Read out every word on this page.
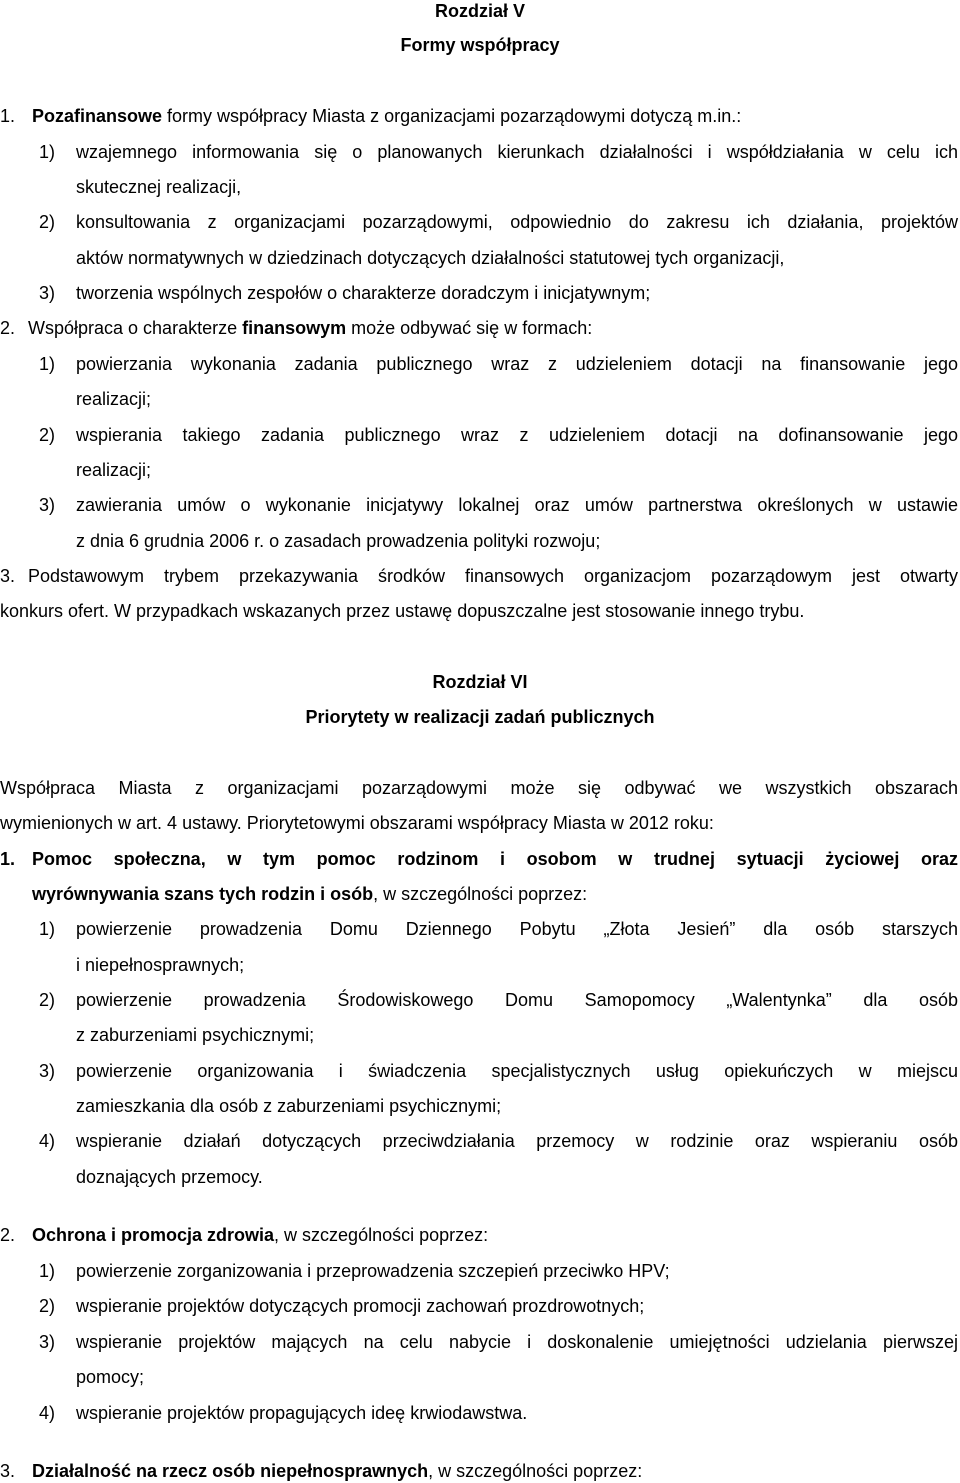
Rozdział V
Formy współpracy
1. Pozafinansowe formy współpracy Miasta z organizacjami pozarządowymi dotyczą m.in.:
1) wzajemnego informowania się o planowanych kierunkach działalności i współdziałania w celu ich
skutecznej realizacji,
2) konsultowania z organizacjami pozarządowymi, odpowiednio do zakresu ich działania, projektów
aktów normatywnych w dziedzinach dotyczących działalności statutowej tych organizacji,
3) tworzenia wspólnych zespołów o charakterze doradczym i inicjatywnym;
2. Współpraca o charakterze finansowym może odbywać się w formach:
1) powierzania wykonania zadania publicznego wraz z udzieleniem dotacji na finansowanie jego
realizacji;
2) wspierania takiego zadania publicznego wraz z udzieleniem dotacji na dofinansowanie jego
realizacji;
3) zawierania umów o wykonanie inicjatywy lokalnej oraz umów partnerstwa określonych w ustawie
z dnia 6 grudnia 2006 r. o zasadach prowadzenia polityki rozwoju;
3. Podstawowym trybem przekazywania środków finansowych organizacjom pozarządowym jest otwarty
konkurs ofert. W przypadkach wskazanych przez ustawę dopuszczalne jest stosowanie innego trybu.
Rozdział VI
Priorytety w realizacji zadań publicznych
Współpraca Miasta z organizacjami pozarządowymi może się odbywać we wszystkich obszarach
wymienionych w art. 4 ustawy. Priorytetowymi obszarami współpracy Miasta w 2012 roku:
1. Pomoc społeczna, w tym pomoc rodzinom i osobom w trudnej sytuacji życiowej oraz
wyrównywania szans tych rodzin i osób, w szczególności poprzez:
1) powierzenie prowadzenia Domu Dziennego Pobytu „Złota Jesień” dla osób starszych
i niepełnosprawnych;
2) powierzenie prowadzenia Środowiskowego Domu Samopomocy „Walentynka” dla osób
z zaburzeniami psychicznymi;
3) powierzenie organizowania i świadczenia specjalistycznych usług opiekuńczych w miejscu
zamieszkania dla osób z zaburzeniami psychicznymi;
4) wspieranie działań dotyczących przeciwdziałania przemocy w rodzinie oraz wspieraniu osób
doznających przemocy.
2. Ochrona i promocja zdrowia, w szczególności poprzez:
1) powierzenie zorganizowania i przeprowadzenia szczepień przeciwko HPV;
2) wspieranie projektów dotyczących promocji zachowań prozdrowotnych;
3) wspieranie projektów mających na celu nabycie i doskonalenie umiejętności udzielania pierwszej
pomocy;
4) wspieranie projektów propagujących ideę krwiodawstwa.
3. Działalność na rzecz osób niepełnosprawnych, w szczególności poprzez:
